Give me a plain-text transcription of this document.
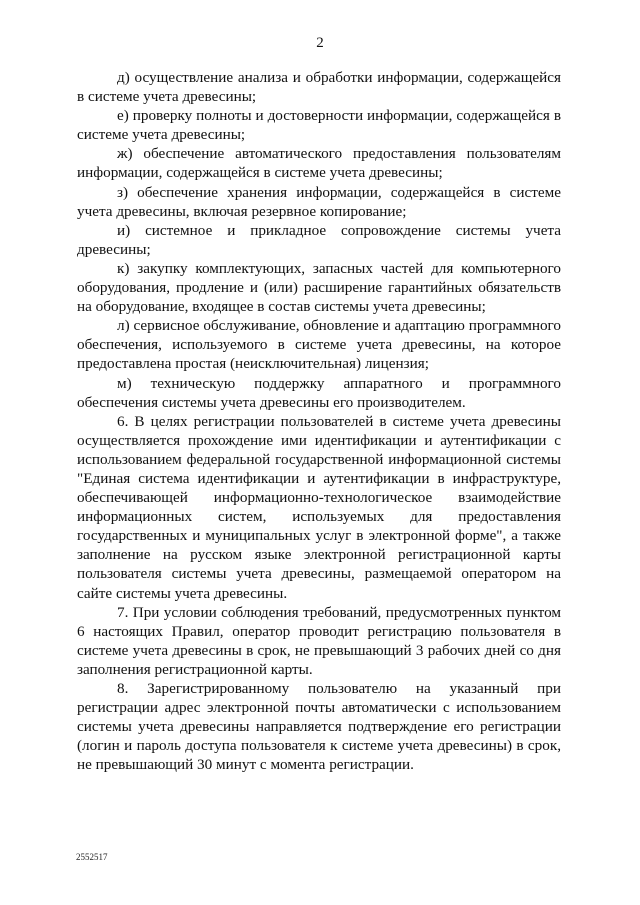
2

д) осуществление анализа и обработки информации, содержащейся в системе учета древесины;

е) проверку полноты и достоверности информации, содержащейся в системе учета древесины;

ж) обеспечение автоматического предоставления пользователям информации, содержащейся в системе учета древесины;

з) обеспечение хранения информации, содержащейся в системе учета древесины, включая резервное копирование;

и) системное и прикладное сопровождение системы учета древесины;

к) закупку комплектующих, запасных частей для компьютерного оборудования, продление и (или) расширение гарантийных обязательств на оборудование, входящее в состав системы учета древесины;

л) сервисное обслуживание, обновление и адаптацию программного обеспечения, используемого в системе учета древесины, на которое предоставлена простая (неисключительная) лицензия;

м) техническую поддержку аппаратного и программного обеспечения системы учета древесины его производителем.

6. В целях регистрации пользователей в системе учета древесины осуществляется прохождение ими идентификации и аутентификации с использованием федеральной государственной информационной системы "Единая система идентификации и аутентификации в инфраструктуре, обеспечивающей информационно-технологическое взаимодействие информационных систем, используемых для предоставления государственных и муниципальных услуг в электронной форме", а также заполнение на русском языке электронной регистрационной карты пользователя системы учета древесины, размещаемой оператором на сайте системы учета древесины.

7. При условии соблюдения требований, предусмотренных пунктом 6 настоящих Правил, оператор проводит регистрацию пользователя в системе учета древесины в срок, не превышающий 3 рабочих дней со дня заполнения регистрационной карты.

8. Зарегистрированному пользователю на указанный при регистрации адрес электронной почты автоматически с использованием системы учета древесины направляется подтверждение его регистрации (логин и пароль доступа пользователя к системе учета древесины) в срок, не превышающий 30 минут с момента регистрации.

2552517
